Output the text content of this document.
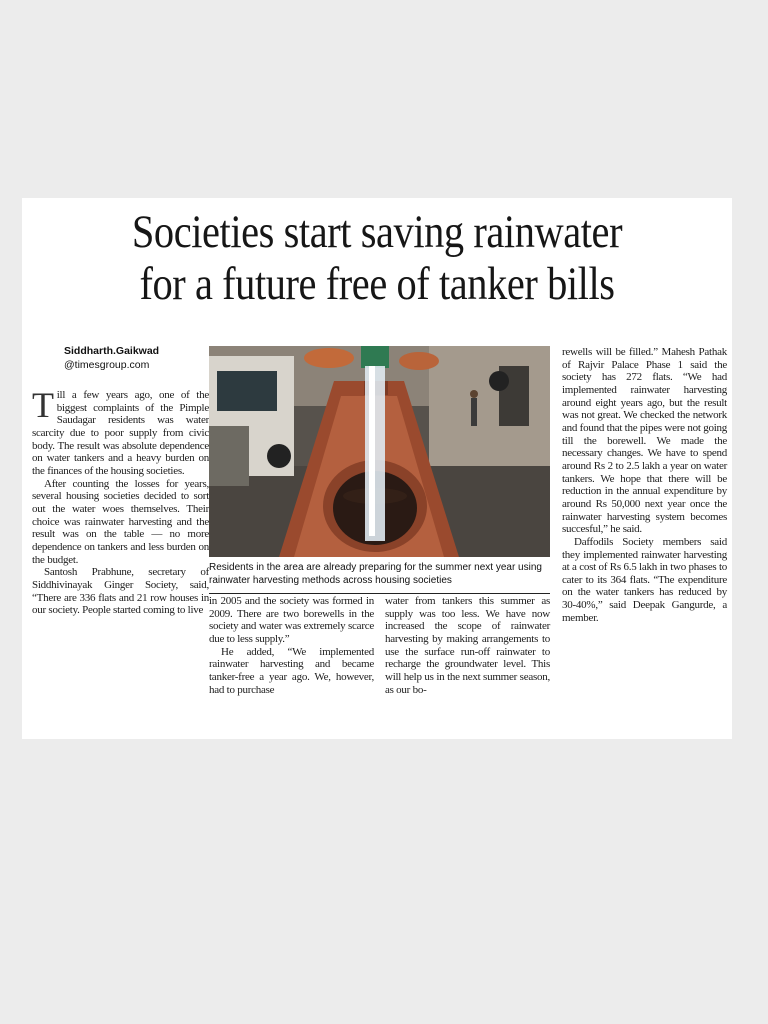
Societies start saving rainwater
for a future free of tanker bills
Siddharth.Gaikwad
@timesgroup.com

Till a few years ago, one of the biggest complaints of the Pimple Saudagar residents was water scarcity due to poor supply from civic body. The result was absolute dependence on water tankers and a heavy burden on the finances of the housing societies.

After counting the losses for years, several housing societies decided to sort out the water woes themselves. Their choice was rainwater harvesting and the result was on the table — no more dependence on tankers and less burden on the budget.

Santosh Prabhune, secretary of Siddhivinayak Ginger Society, said, “There are 336 flats and 21 row houses in our society. People started coming to live

Residents in the area are already preparing for the summer next year using rainwater harvesting methods across housing societies

in 2005 and the society was formed in 2009. There are two borewells in the society and water was extremely scarce due to less supply.”

He added, “We implemented rainwater harvesting and became tanker-free a year ago. We, however, had to purchase

water from tankers this summer as supply was too less. We have now increased the scope of rainwater harvesting by making arrangements to use the surface run-off rainwater to recharge the groundwater level. This will help us in the next summer season, as our bo-

rewells will be filled.” Mahesh Pathak of Rajvir Palace Phase 1 said the society has 272 flats. “We had implemented rainwater harvesting around eight years ago, but the result was not great. We checked the network and found that the pipes were not going till the borewell. We made the necessary changes. We have to spend around Rs 2 to 2.5 lakh a year on water tankers. We hope that there will be reduction in the annual expenditure by around Rs 50,000 next year once the rainwater harvesting system becomes succesful,” he said.

Daffodils Society members said they implemented rainwater harvesting at a cost of Rs 6.5 lakh in two phases to cater to its 364 flats. “The expenditure on the water tankers has reduced by 30-40%,” said Deepak Gangurde, a member.
